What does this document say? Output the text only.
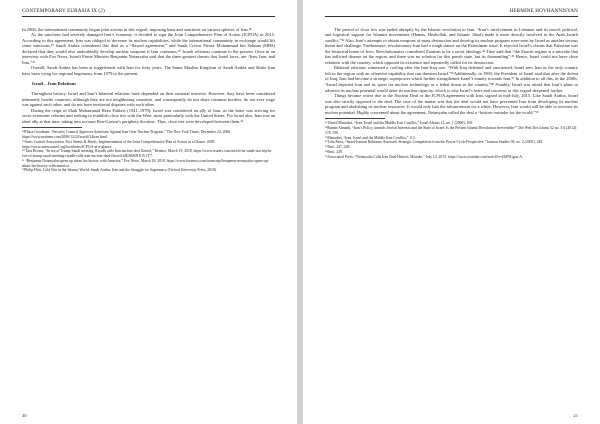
CONTEMPORARY EURASIA IX (2)

In 2006, the international community began joint actions in this regard, imposing bans and sanctions on various spheres of Iran.²⁸

As the sanctions had severely damaged Iran’s economy, it decided to sign the Joint Comprehensive Plan of Action (JCPOA) in 2015. According to this agreement, Iran was obliged to decrease its nuclear capabilities, while the international community in exchange would lift some sanctions.²⁹ Saudi Arabia considered this deal as a “flawed agreement,” and Saudi Crown Prince Mohammad bin Salman (MBS) declared that they would also undoubtedly develop nuclear weapons if Iran continues.³⁰ Israeli relations continue to the present. Once in an interview with Fox News, Israeli Prime Minister Benjamin Netanyahu said that the three greatest threats that Israel faces, are “Iran, Iran, and Iran.”³¹

Overall, Saudi Arabia has been at loggerheads with Iran for forty years. The Sunni Muslim Kingdom of Saudi Arabia and Shiite Iran have been vying for regional hegemony from 1979 to the present.

Israel – Iran Relations

Throughout history, Israel and Iran’s bilateral relations have depended on their national interests. However, they have been considered inherently hostile countries, although they are not neighboring countries, and consequently do not share common borders, do not ever wage war against each other, and do not have territorial disputes with each other.

During the reign of Shah Mohammad Reza Pahlavi (1941–1979), Israel was considered an ally of Iran, as the latter was striving for socio-economic reforms and seeking to establish close ties with the West, most particularly with the United States. For Israel also, Iran was an ideal ally at that time, taking into account Ben-Gurion’s periphery doctrine. Thus, close ties were developed between them.³²

²⁸Elissa Goodman, “Security Council Approves Sanctions Against Iran Over Nuclear Program,” The New York Times, December 24, 2006,
https://www.nytimes.com/2006/12/24/world/24iran.html.
²⁹Arms Control Association, Fact Sheets & Briefs, Implementation of the Joint Comprehensive Plan of Action at a Glance, 2018,
https://www.armscontrol.org/factsheets/JCPOA-at-a-glance.
³⁰ Tara Brown, “In era of Trump-Saudi meeting, Riyadh calls Iran nuclear deal flawed,” Reuters, March 19, 2018, https://www.reuters.com/article/us-saudi-usa-trip/in-eve-of-trump-saudi-meeting-riyadh-calls-iran-nuclear-deal-flawed-idUSKBN1GV1Y7.
³¹ “Benjamin Netanyahu opens up about his history with America,” Fox News, March 18, 2018, https://www.foxnews.com/transcript/benjamin-netanyahu-opens-up-about-his-history-with-america.
³²Philip Hitti, Cold War in the Islamic World: Saudi Arabia, Iran and the Struggle for Supremacy (Oxford University Press, 2018).
20
HERMINE HOVHANNISYAN

The period of close ties was ended abruptly by the Islamic revolution in Iran. “Iran’s involvement in Lebanon and its moral, political, and logistical support for Islamist movements (Hamas, Hezbollah, and Islamic Jihad) made it more directly involved in the Arab–Israeli conflict.”³³ Also, Iran’s attempts to obtain weapons of mass destruction and develop its nuclear program were seen by Israel as another serious threat and challenge. Furthermore, revolutionary Iran had a tough stance on the Palestinian issue. It rejected Israel’s claims that Palestine was the historical home of Jews. Revolutionaries considered Zionism to be a racist ideology.³⁴ They said that “the Zionist regime is a microbe that has inflicted disease on the region, and there was no solution for this parish state, but its dismantling”.³⁵ Hence, Israel could not have close relations with the country, which opposed its existence and repeatedly called for its destruction.

Bilateral relations witnessed a cooling after the Iran-Iraq war: “With Iraq defeated and sanctioned, Israel sees Iran as the only country left in the region with an offensive capability that can threaten Israel.”³⁶Additionally, in 1993, the President of Israel said that after the defeat of Iraq, Iran had become a strategic superpower which further strengthened Israel’s enmity towards Iran.³⁷ In addition to all this, in the 2000s, “Israel depicted Iran and its quest for nuclear technology as a lethal threat to the country.”³⁸ Notably, Israel was afraid that Iran’s plans to advance its nuclear potential would deter its nuclear capacity, which is why Israel’s fears and concerns in this regard deepened further.

Things became worse due to the Nuclear Deal or the JCPOA agreement with Iran, signed in mid-July, 2015. Like Saudi Arabia, Israel was also strictly opposed to the deal. The crux of the matter was that the deal would not have prevented Iran from developing its nuclear program and abolishing its nuclear resources. It would only halt the advancement for a while. However, Iran would still be able to increase its nuclear potential. Highly concerned about the agreement, Netanyahu called the deal a “historic mistake for the world.”³⁹

³³ David Menashri, “Iran, Israel and the Middle East Conflict,” Israel Affairs 12, no. 1 (2006): 109.
³⁴Ramin Ahmadi, “Iran’s Policy towards Jewish Interests and the State of Israel: Is the Present Islamic Revolution Irreversible?” Die Welt Des Islams 52 no. 3/4 (2012): 178–190.
³⁵Menashri, “Iran, Israel and the Middle East Conflict,” 113.
³⁶Trita Parsi, “Israel-Iranian Relations Assessed: Strategic Competition from the Power Cycle Perspective,” Iranian Studies 38, no. 2 (2005): 249.
³⁷Ibid., 247–248.
³⁸Ibid., 249.
³⁹Associated Press, “Netanyahu Calls Iran Deal Historic Mistake,” July 14, 2015, https://www.youtube.com/watch?v=jKF9Ggcn-A.
21
